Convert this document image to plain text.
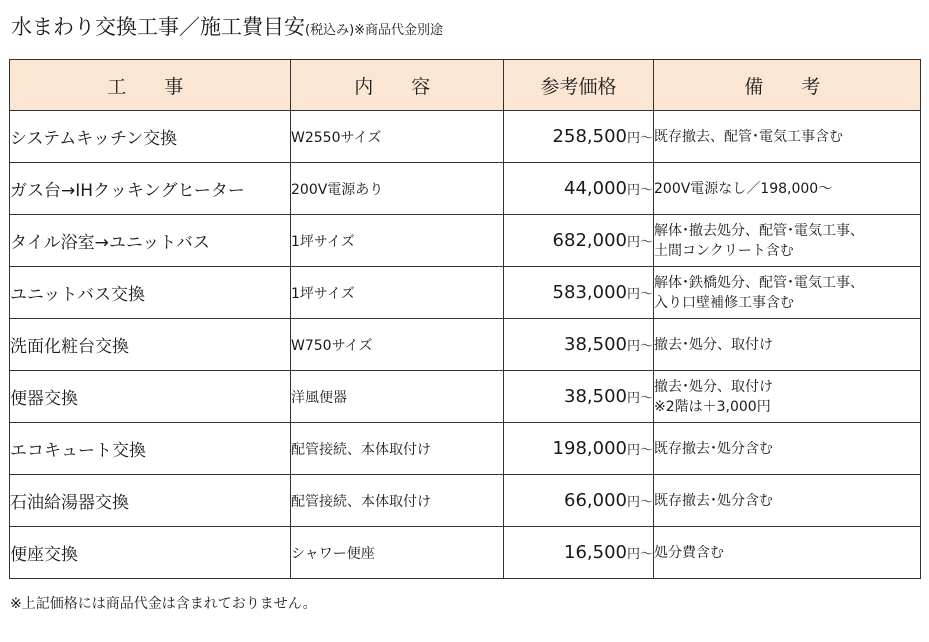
水まわり交換工事／施工費目安(税込み)※商品代金別途
工　事	内　容	参考価格	備　考
システムキッチン交換	W2550サイズ	258,500円～	既存撤去、配管･電気工事含む

ガス台→IHクッキングヒーター	200V電源あり	44,000円～	200V電源なし／198,000～

タイル浴室→ユニットバス	1坪サイズ	682,000円～	解体･撤去処分、配管･電気工事、
土間コンクリート含む

ユニットバス交換	1坪サイズ	583,000円～	解体･鉄橋処分、配管･電気工事、
入り口壁補修工事含む

洗面化粧台交換	W750サイズ	38,500円～	撤去･処分、取付け

便器交換	洋風便器	38,500円～	撤去･処分、取付け
※2階は＋3,000円

エコキュート交換	配管接続、本体取付け	198,000円～	既存撤去･処分含む

石油給湯器交換	配管接続、本体取付け	66,000円～	既存撤去･処分含む

便座交換	シャワー便座	16,500円～	処分費含む
※上記価格には商品代金は含まれておりません。
